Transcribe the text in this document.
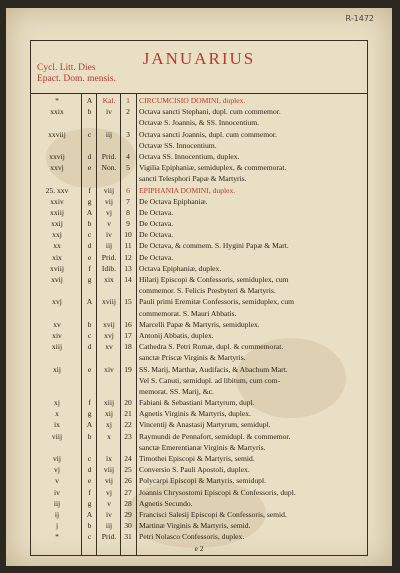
R-1472
JANUARIUS
Cycl. Litt. Dies
Epact. Dom. mensis.
*	A	Kal.	1	CIRCUMCISIO DOMINI, duplex.
xxix	b	iv	2	Octava sancti Stephani, dupl. cum commemor.
Octavæ S. Joannis, & SS. Innocentium.
xxviij	c	iij	3	Octava sancti Joannis, dupl. cum commemor.
Octavæ SS. Innocentium.
xxvij	d	Prid.	4	Octava SS. Innocentium, duplex.
xxvj	e	Non.	5	Vigilia Epiphaniæ, semiduplex, & commemorat.
sancti Telesphori Papæ & Martyris.
25. xxv	f	viij	6	EPIPHANIA DOMINI, duplex.
xxiv	g	vij	7	De Octava Epiphaniæ.
xxiij	A	vj	8	De Octava.
xxij	b	v	9	De Octava.
xxj	c	iv	10 De Octava.
xx	d	iij	11 De Octava, & commem. S. Hygini Papæ & Mart.
xix	e	Prid.	12 De Octava.
xviij	f	Idib.	13 Octava Epiphaniæ, duplex.
xvij	g	xix	14 Hilarij Episcopi & Confessoris, semiduplex, cum
commemor. S. Felicis Presbyteri & Martyris.
xvj	A	xviij	15 Pauli primi Eremitæ Confessoris, semiduplex, cum
commemorat. S. Mauri Abbatis.
xv	b	xvij	16 Marcelli Papæ & Martyris, semiduplex.
xiv	c	xvj	17 Antonij Abbatis, duplex.
xiij	d	xv	18 Cathedra S. Petri Romæ, dupl. & commemorat.
sanctæ Priscæ Virginis & Martyris.
xij	e	xiv	19 SS. Marij, Marthæ, Audifacis, & Abachum Mart.
Vel S. Canuti, semidupl. ad libitum, cum com-
memorat. SS. Marij, &c.
xj	f	xiij	20 Fabiani & Sebastiani Martyrum, dupl.
x	g	xij	21 Agnetis Virginis & Martyris, duplex.
ix	A	xj	22 Vincentij & Anastasij Martyrum, semidupl.
viij	b	x	23 Raymundi de Pennafort, semidupl. & commemor.
sanctæ Emerentianæ Virginis & Martyris.
vij	c	ix	24 Timothei Episcopi & Martyris, semid.
vj	d	viij	25 Conversio S. Pauli Apostoli, duplex.
v	e	vij	26 Polycarpi Episcopi & Martyris, semidupl.
iv	f	vj	27 Joannis Chrysostomi Episcopi & Confessoris, dupl.
iij	g	v	28 Agnetis Secundo.
ij	A	iv	29 Francisci Salesij Episcopi & Confessoris, semid.
j	b	iij	30 Martinæ Virginis & Martyris, semid.
*	c	Prid.	31 Petri Nolasco Confessoris, duplex.
e 2
